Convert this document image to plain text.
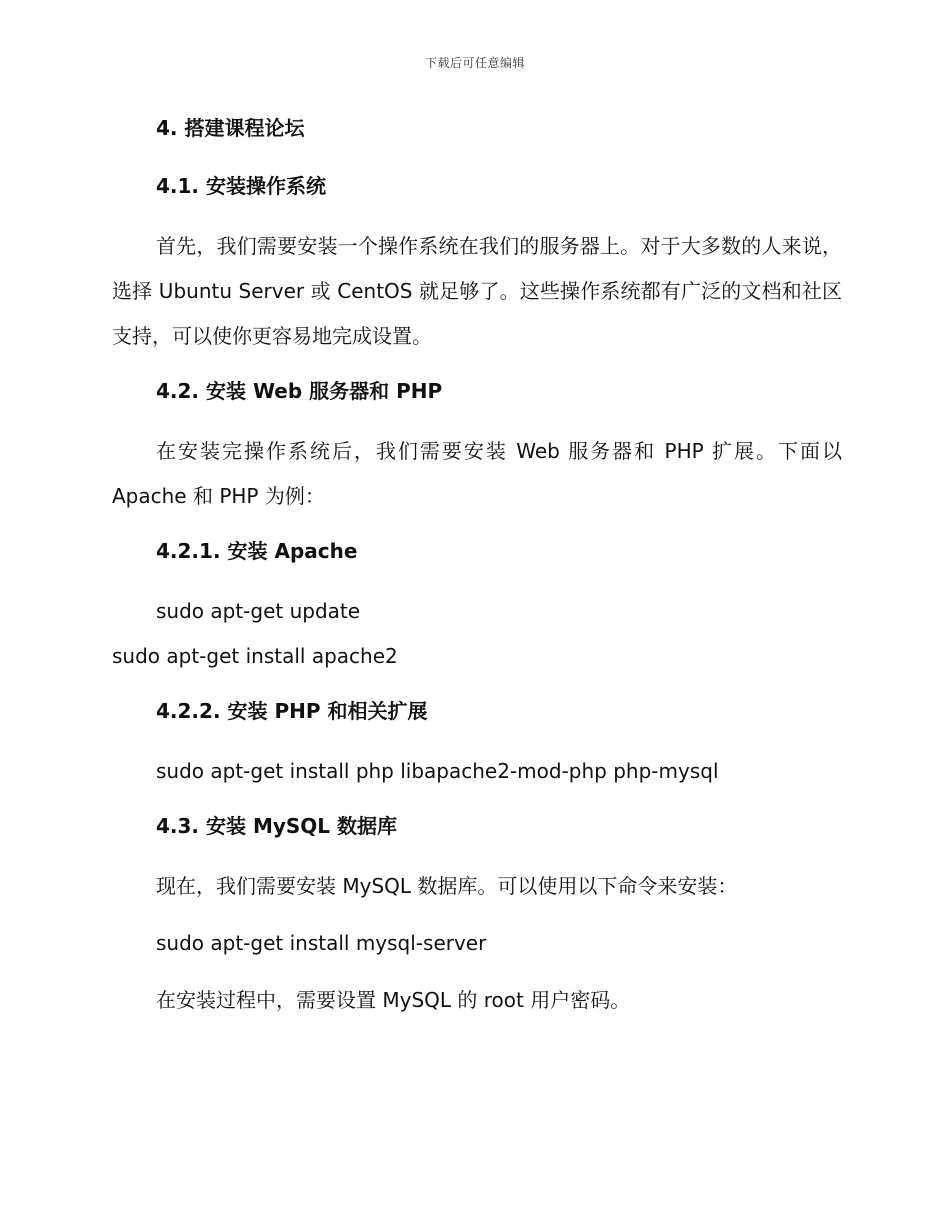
下载后可任意编辑
4. 搭建课程论坛
4.1. 安装操作系统

首先，我们需要安装一个操作系统在我们的服务器上。对于大多数的人来说，选择 Ubuntu Server 或 CentOS 就足够了。这些操作系统都有广泛的文档和社区支持，可以使你更容易地完成设置。

4.2. 安装 Web 服务器和 PHP

在安装完操作系统后，我们需要安装 Web 服务器和 PHP 扩展。下面以 Apache 和 PHP 为例：

4.2.1. 安装 Apache
sudo apt-get update
sudo apt-get install apache2
4.2.2. 安装 PHP 和相关扩展
sudo apt-get install php libapache2-mod-php php-mysql
4.3. 安装 MySQL 数据库

现在，我们需要安装 MySQL 数据库。可以使用以下命令来安装：

sudo apt-get install mysql-server

在安装过程中，需要设置 MySQL 的 root 用户密码。
